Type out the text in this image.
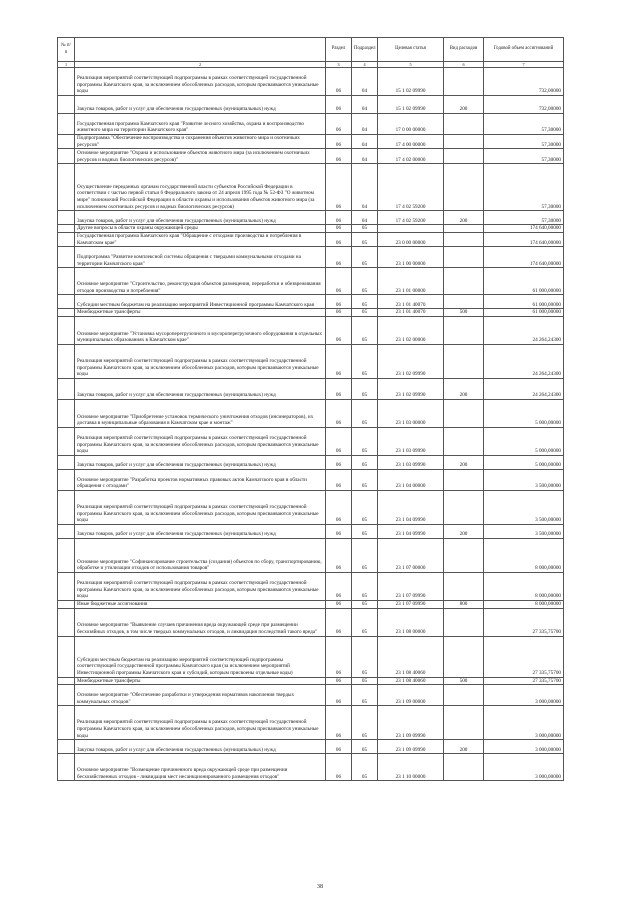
№ п/п		Раздел	Подраздел	Целевая статья	Вид расходов	Годовой объем ассигнований
1	2	3	4	5	6	7
	Реализация мероприятий соответствующей подпрограммы в рамках соответствующей государственной программы Камчатского края, за исключением обособленных расходов, которым присваиваются уникальные коды	06	04	15 1 02 09990		732,00000
	Закупка товаров, работ и услуг для обеспечения государственных (муниципальных) нужд	06	04	15 1 02 09990	200	732,00000
	Государственная программа Камчатского края "Развитие лесного хозяйства, охрана и воспроизводство животного мира на территории Камчатского края"	06	04	17 0 00 00000		57,30000
	Подпрограмма "Обеспечение воспроизводства и сохранения объектов животного мира и охотничьих ресурсов"	06	04	17 4 00 00000		57,30000
	Основное мероприятие "Охрана и использование объектов животного мира (за исключением охотничьих ресурсов и водных биологических ресурсов)"	06	04	17 4 02 00000		57,30000
	Осуществление переданных органам государственной власти субъектов Российской Федерации в соответствии с частью первой статьи 6 Федерального закона от 24 апреля 1995 года № 52-ФЗ "О животном мире" полномочий Российской Федерации в области охраны и использования объектов животного мира (за исключением охотничьих ресурсов и водных биологических ресурсов)	06	04	17 4 02 59200		57,30000
	Закупка товаров, работ и услуг для обеспечения государственных (муниципальных) нужд	06	04	17 4 02 59200	200	57,30000
	Другие вопросы в области охраны окружающей среды	06	05			174 640,00000
	Государственная программа Камчатского края "Обращение с отходами производства и потребления в Камчатском крае"	06	05	23 0 00 00000		174 640,00000
	Подпрограмма "Развитие комплексной системы обращения с твердыми коммунальными отходами на территории Камчатского края"	06	05	23 1 00 00000		174 640,00000
	Основное мероприятие "Строительство, реконструкция объектов размещения, переработки и обезвреживания отходов производства и потребления"	06	05	23 1 01 00000		61 000,00000
	Субсидии местным бюджетам на реализацию мероприятий Инвестиционной программы Камчатского края	06	05	23 1 01 40070		61 000,00000
	Межбюджетные трансферты	06	05	23 1 01 40070	500	61 000,00000
	Основное мероприятие "Установка мусороперегрузочного и мусороперегрузочного оборудования в отдельных муниципальных образованиях в Камчатском крае"	06	05	23 1 02 00000		24 264,24300
	Реализация мероприятий соответствующей подпрограммы в рамках соответствующей государственной программы Камчатского края, за исключением обособленных расходов, которым присваиваются уникальные коды	06	05	23 1 02 09990		24 264,24300
	Закупка товаров, работ и услуг для обеспечения государственных (муниципальных) нужд	06	05	23 1 02 09990	200	24 264,24300
	Основное мероприятие "Приобретение установок термического уничтожения отходов (инсинераторов), их доставка в муниципальные образования в Камчатском крае и монтаж"	06	05	23 1 03 00000		5 000,00000
	Реализация мероприятий соответствующей подпрограммы в рамках соответствующей государственной программы Камчатского края, за исключением обособленных расходов, которым присваиваются уникальные коды	06	05	23 1 03 09990		5 000,00000
	Закупка товаров, работ и услуг для обеспечения государственных (муниципальных) нужд	06	05	23 1 03 09990	200	5 000,00000
	Основное мероприятие "Разработка проектов нормативных правовых актов Камчатского края в области обращения с отходами"	06	05	23 1 04 00000		3 500,00000
	Реализация мероприятий соответствующей подпрограммы в рамках соответствующей государственной программы Камчатского края, за исключением обособленных расходов, которым присваиваются уникальные коды	06	05	23 1 04 09990		3 500,00000
	Закупка товаров, работ и услуг для обеспечения государственных (муниципальных) нужд	06	05	23 1 04 09990	200	3 500,00000
	Основное мероприятие "Софинансирование строительства (создания) объектов по сбору, транспортированию, обработке и утилизации отходов от использования товаров"	06	05	23 1 07 00000		8 000,00000
	Реализация мероприятий соответствующей подпрограммы в рамках соответствующей государственной программы Камчатского края, за исключением обособленных расходов, которым присваиваются уникальные коды	06	05	23 1 07 09990		8 000,00000
	Иные бюджетные ассигнования	06	05	23 1 07 09990	800	8 000,00000
	Основное мероприятие "Выявление случаев причинения вреда окружающей среде при размещении бесхозяйных отходов, в том числе твердых коммунальных отходов, и ликвидация последствий такого вреда"	06	05	23 1 08 00000		27 335,75700
	Субсидии местным бюджетам на реализацию мероприятий соответствующей подпрограммы соответствующей государственной программы Камчатского края (за исключением мероприятий Инвестиционной программы Камчатского края и субсидий, которым присвоены отдельные коды)	06	05	23 1 08 40060		27 335,75700
	Межбюджетные трансферты	06	05	23 1 08 40060	500	27 335,75700
	Основное мероприятие "Обеспечение разработки и утверждения нормативов накопления твердых коммунальных отходов"	06	05	23 1 09 00000		3 000,00000
	Реализация мероприятий соответствующей подпрограммы в рамках соответствующей государственной программы Камчатского края, за исключением обособленных расходов, которым присваиваются уникальные коды	06	05	23 1 09 09990		3 000,00000
	Закупка товаров, работ и услуг для обеспечения государственных (муниципальных) нужд	06	05	23 1 09 09990	200	3 000,00000
	Основное мероприятие "Возмещение причиненного вреда окружающей среде при размещении бесхозяйственных отходов - ликвидация мест несанкционированного размещения отходов"	06	05	23 1 10 00000		3 000,00000
38
